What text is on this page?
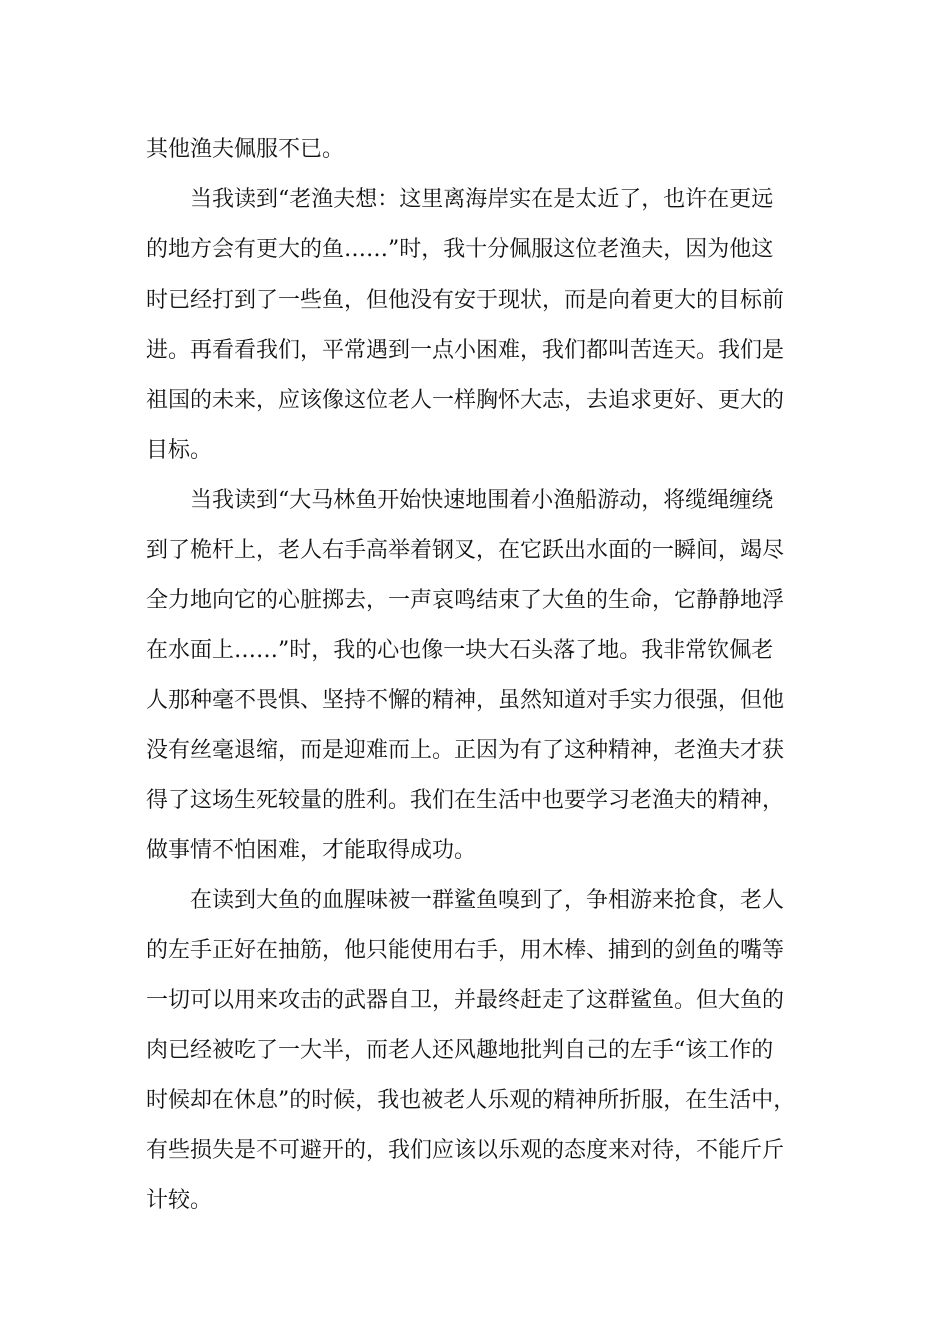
其他渔夫佩服不已。
当我读到“老渔夫想：这里离海岸实在是太近了，也许在更远
的地方会有更大的鱼……”时，我十分佩服这位老渔夫，因为他这
时已经打到了一些鱼，但他没有安于现状，而是向着更大的目标前
进。再看看我们，平常遇到一点小困难，我们都叫苦连天。我们是
祖国的未来，应该像这位老人一样胸怀大志，去追求更好、更大的
目标。
当我读到“大马林鱼开始快速地围着小渔船游动，将缆绳缠绕
到了桅杆上，老人右手高举着钢叉，在它跃出水面的一瞬间，竭尽
全力地向它的心脏掷去，一声哀鸣结束了大鱼的生命，它静静地浮
在水面上……”时，我的心也像一块大石头落了地。我非常钦佩老
人那种毫不畏惧、坚持不懈的精神，虽然知道对手实力很强，但他
没有丝毫退缩，而是迎难而上。正因为有了这种精神，老渔夫才获
得了这场生死较量的胜利。我们在生活中也要学习老渔夫的精神，
做事情不怕困难，才能取得成功。
在读到大鱼的血腥味被一群鲨鱼嗅到了，争相游来抢食，老人
的左手正好在抽筋，他只能使用右手，用木棒、捕到的剑鱼的嘴等
一切可以用来攻击的武器自卫，并最终赶走了这群鲨鱼。但大鱼的
肉已经被吃了一大半，而老人还风趣地批判自己的左手“该工作的
时候却在休息”的时候，我也被老人乐观的精神所折服，在生活中，
有些损失是不可避开的，我们应该以乐观的态度来对待，不能斤斤
计较。
